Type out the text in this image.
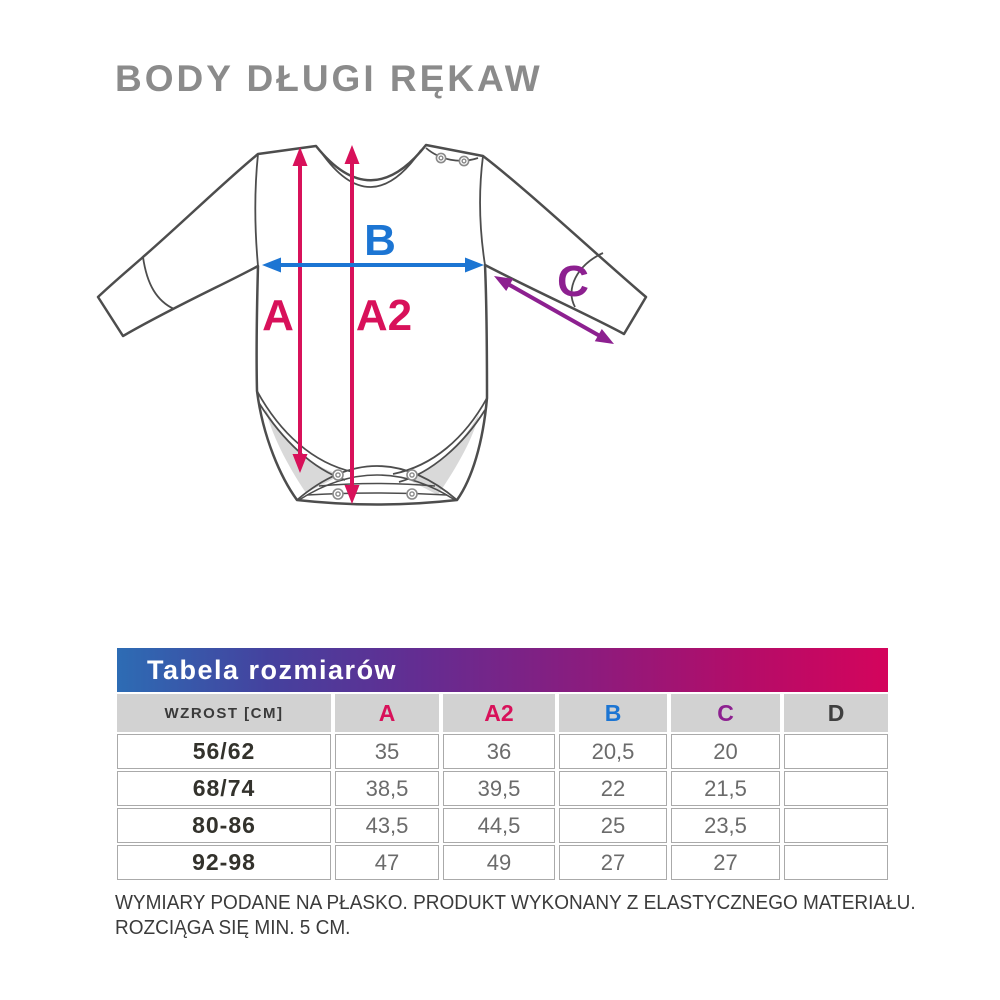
BODY DŁUGI RĘKAW
A A2
B
C
Tabela rozmiarów
WZROST [CM]	A	A2	B	C	D
56/62	35	36	20,5	20
68/74	38,5	39,5	22	21,5
80-86	43,5	44,5	25	23,5
92-98	47	49	27	27
WYMIARY PODANE NA PŁASKO. PRODUKT WYKONANY Z ELASTYCZNEGO MATERIAŁU.
ROZCIĄGA SIĘ MIN. 5 CM.
